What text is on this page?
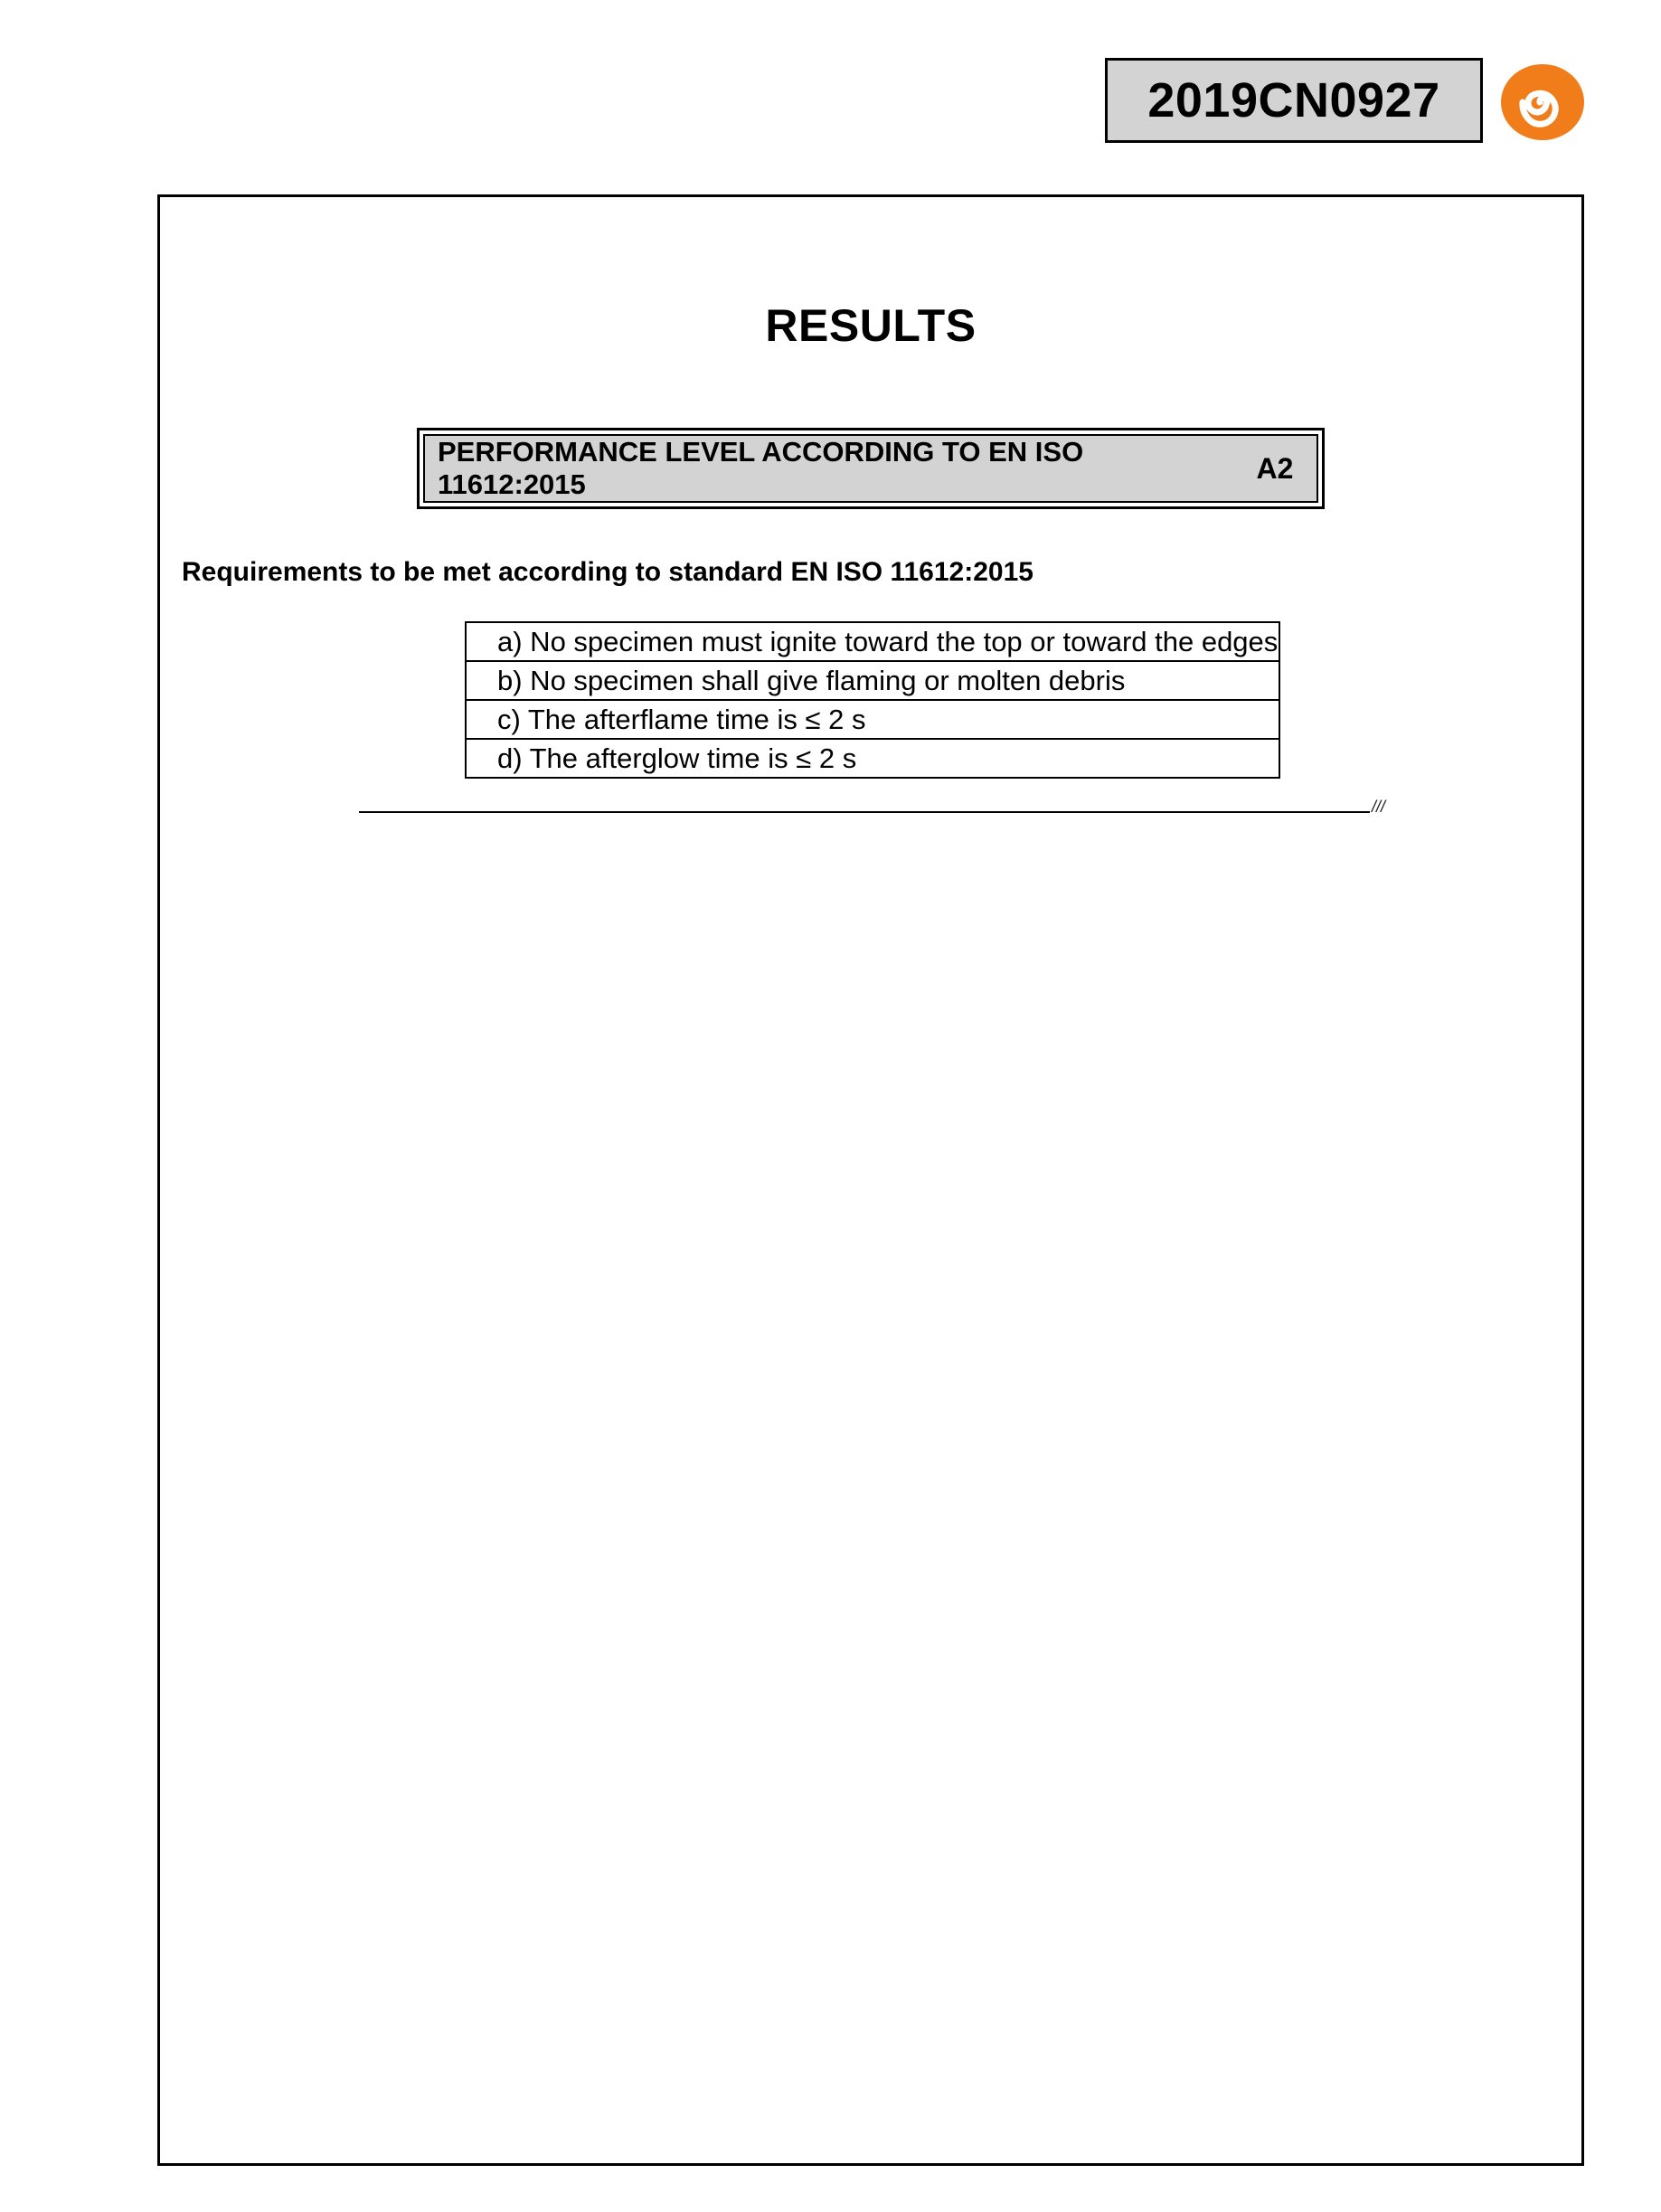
2019CN0927
RESULTS
PERFORMANCE LEVEL ACCORDING TO EN ISO 11612:2015	A2
Requirements to be met according to standard EN ISO 11612:2015
a) No specimen must ignite toward the top or toward the edges
b) No specimen shall give flaming or molten debris
c) The afterflame time is ≤ 2 s
d) The afterglow time is ≤ 2 s
///
